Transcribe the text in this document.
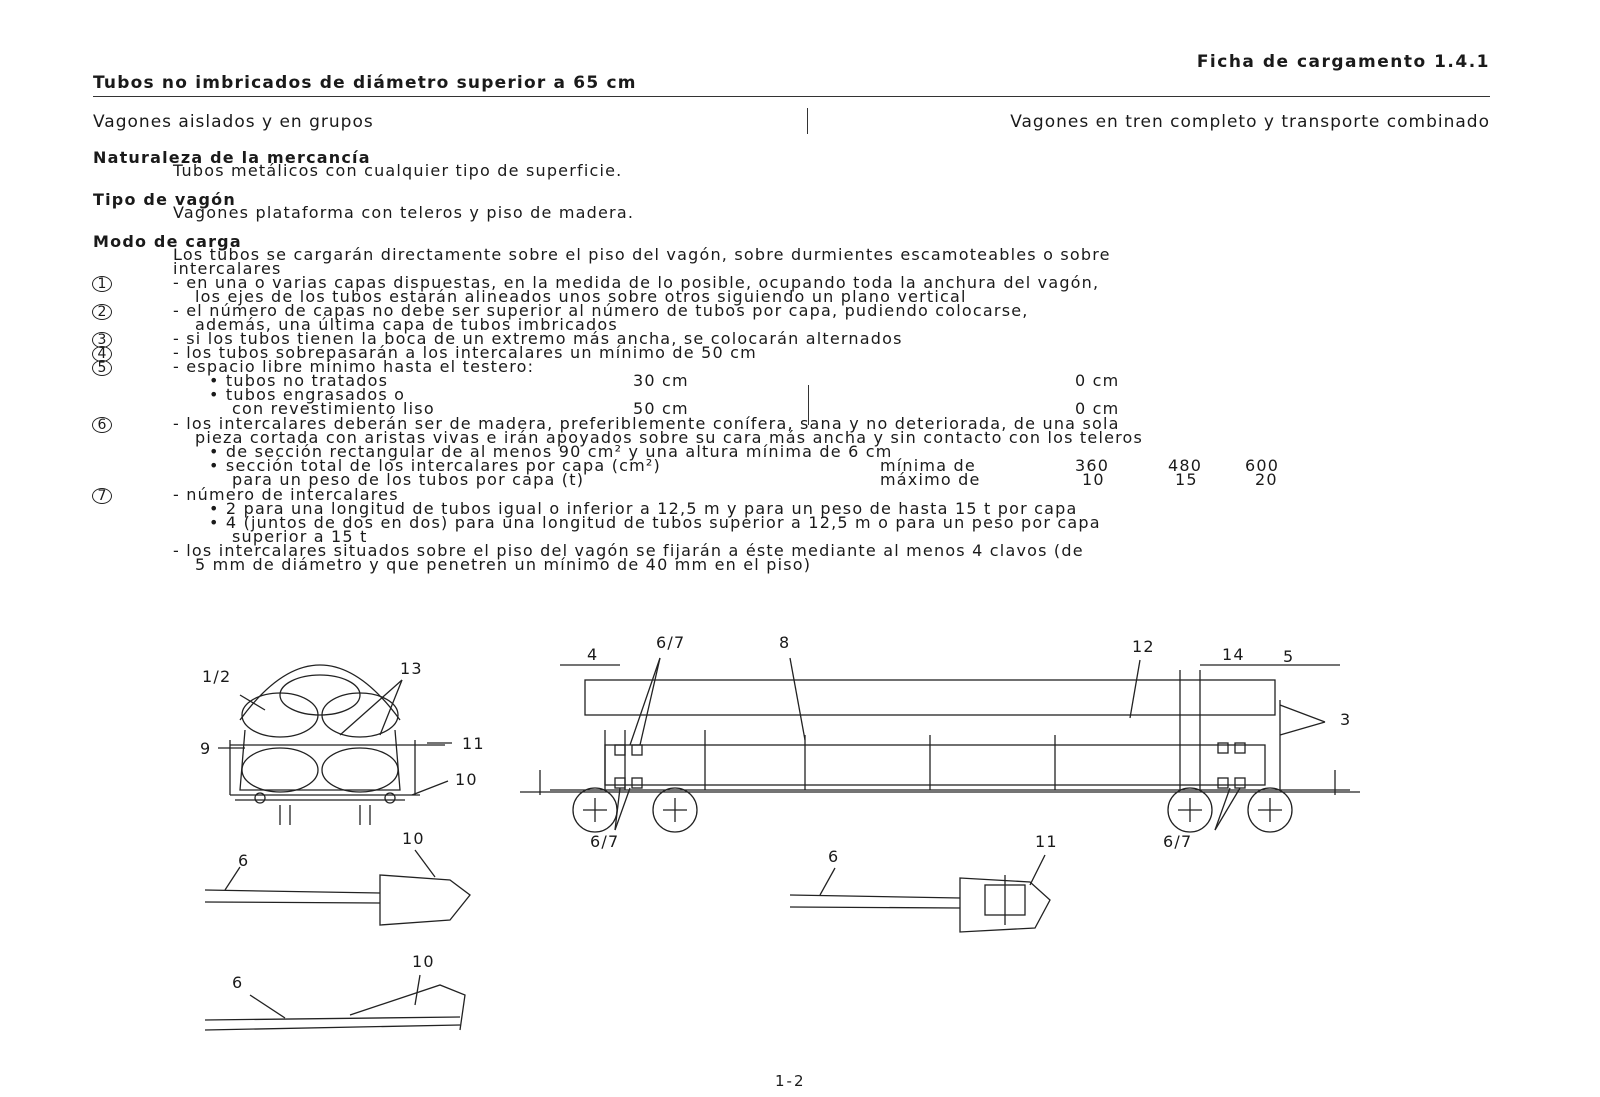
Ficha de cargamento 1.4.1
Tubos no imbricados de diámetro superior a 65 cm
Vagones aislados y en grupos	Vagones en tren completo y transporte combinado
Naturaleza de la mercancía
Tubos metálicos con cualquier tipo de superficie.
Tipo de vagón
Vagones plataforma con teleros y piso de madera.
Modo de carga
Los tubos se cargarán directamente sobre el piso del vagón, sobre durmientes escamoteables o sobre
intercalares
1	- en una o varias capas dispuestas, en la medida de lo posible, ocupando toda la anchura del vagón,
los ejes de los tubos estarán alineados unos sobre otros siguiendo un plano vertical
2	- el número de capas no debe ser superior al número de tubos por capa, pudiendo colocarse,
además, una última capa de tubos imbricados
3	- si los tubos tienen la boca de un extremo más ancha, se colocarán alternados
4	- los tubos sobrepasarán a los intercalares un mínimo de 50 cm
5	- espacio libre mínimo hasta el testero:
• tubos no tratados	30 cm	0 cm
• tubos engrasados o
con revestimiento liso	50 cm	0 cm
6	- los intercalares deberán ser de madera, preferiblemente conífera, sana y no deteriorada, de una sola
pieza cortada con aristas vivas e irán apoyados sobre su cara más ancha y sin contacto con los teleros
• de sección rectangular de al menos 90 cm² y una altura mínima de 6 cm
• sección total de los intercalares por capa (cm²)	mínima de	360	480	600
para un peso de los tubos por capa (t)	máximo de	10	15	20
7	- número de intercalares
• 2 para una longitud de tubos igual o inferior a 12,5 m y para un peso de hasta 15 t por capa
• 4 (juntos de dos en dos) para una longitud de tubos superior a 12,5 m o para un peso por capa
superior a 15 t
- los intercalares situados sobre el piso del vagón se fijarán a éste mediante al menos 4 clavos (de
5 mm de diámetro y que penetren un mínimo de 40 mm en el piso)
1/2	13
9	11
10
4
6/7	8	12	14 5
3
6/7	6/7
6
10
6
10
6
11
1-2
